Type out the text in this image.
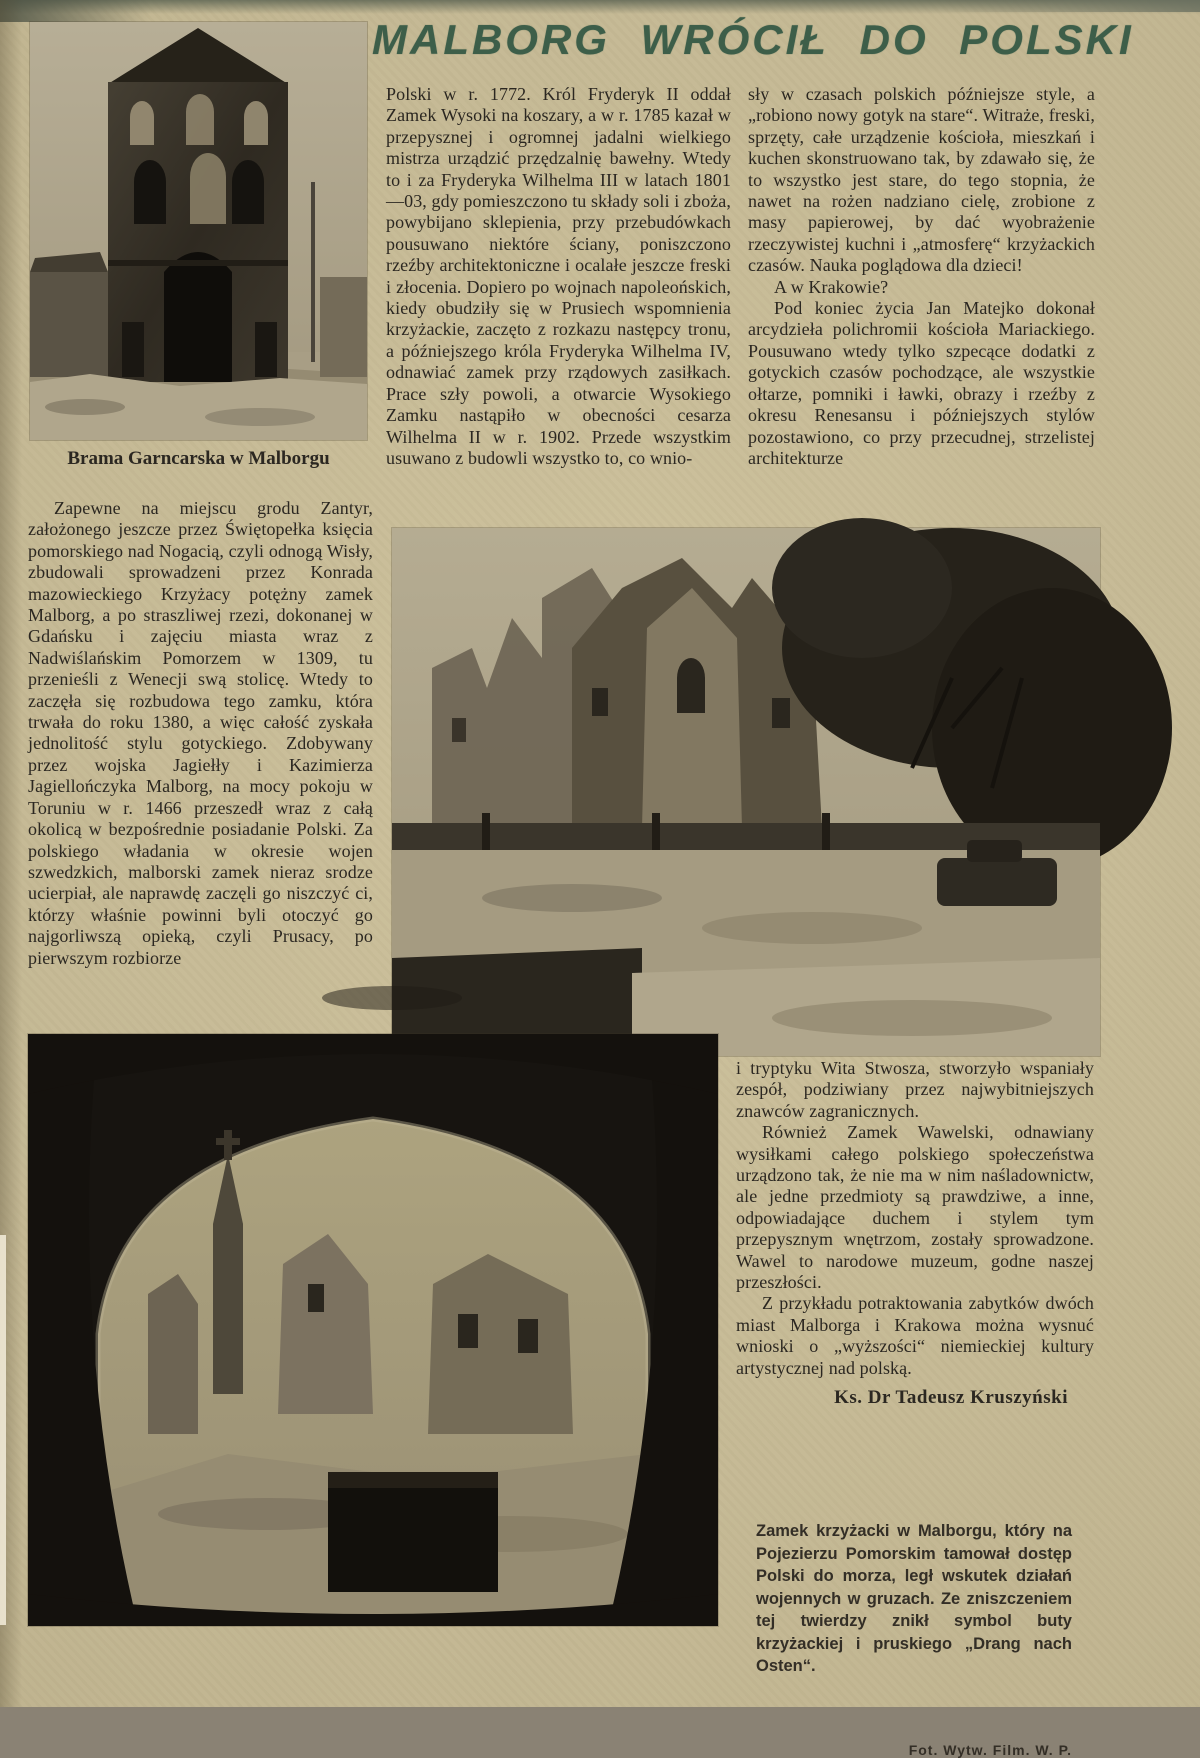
MALBORG WRÓCIŁ DO POLSKI
Brama Garncarska w Malborgu

Polski w r. 1772. Król Fryderyk II oddał Zamek Wysoki na koszary, a w r. 1785 kazał w przepysznej i ogromnej jadalni wielkiego mistrza urządzić przędzalnię bawełny. Wtedy to i za Fryderyka Wilhelma III w latach 1801—03, gdy pomieszczono tu składy soli i zboża, powybijano sklepienia, przy przebudówkach pousuwano niektóre ściany, poniszczono rzeźby architektoniczne i ocalałe jeszcze freski i złocenia. Dopiero po wojnach napoleońskich, kiedy obudziły się w Prusiech wspomnienia krzyżackie, zaczęto z rozkazu następcy tronu, a późniejszego króla Fryderyka Wilhelma IV, odnawiać zamek przy rządowych zasiłkach. Prace szły powoli, a otwarcie Wysokiego Zamku nastąpiło w obecności cesarza Wilhelma II w r. 1902. Przede wszystkim usuwano z budowli wszystko to, co wnio-

sły w czasach polskich późniejsze style, a „robiono nowy gotyk na stare“. Witraże, freski, sprzęty, całe urządzenie kościoła, mieszkań i kuchen skonstruowano tak, by zdawało się, że to wszystko jest stare, do tego stopnia, że nawet na rożen nadziano cielę, zrobione z masy papierowej, by dać wyobrażenie rzeczywistej kuchni i „atmosferę“ krzyżackich czasów. Nauka poglądowa dla dzieci!

A w Krakowie?

Pod koniec życia Jan Matejko dokonał arcydzieła polichromii kościoła Mariackiego. Pousuwano wtedy tylko szpecące dodatki z gotyckich czasów pochodzące, ale wszystkie ołtarze, pomniki i ławki, obrazy i rzeźby z okresu Renesansu i późniejszych stylów pozostawiono, co przy przecudnej, strzelistej architekturze

Zapewne na miejscu grodu Zantyr, założonego jeszcze przez Świętopełka księcia pomorskiego nad Nogacią, czyli odnogą Wisły, zbudowali sprowadzeni przez Konrada mazowieckiego Krzyżacy potężny zamek Malborg, a po straszliwej rzezi, dokonanej w Gdańsku i zajęciu miasta wraz z Nadwiślańskim Pomorzem w 1309, tu przenieśli z Wenecji swą stolicę. Wtedy to zaczęła się rozbudowa tego zamku, która trwała do roku 1380, a więc całość zyskała jednolitość stylu gotyckiego. Zdobywany przez wojska Jagiełły i Kazimierza Jagiellończyka Malborg, na mocy pokoju w Toruniu w r. 1466 przeszedł wraz z całą okolicą w bezpośrednie posiadanie Polski. Za polskiego władania w okresie wojen szwedzkich, malborski zamek nieraz srodze ucierpiał, ale naprawdę zaczęli go niszczyć ci, którzy właśnie powinni byli otoczyć go najgorliwszą opieką, czyli Prusacy, po pierwszym rozbiorze

i tryptyku Wita Stwosza, stworzyło wspaniały zespół, podziwiany przez najwybitniejszych znawców zagranicznych.

Również Zamek Wawelski, odnawiany wysiłkami całego polskiego społeczeństwa urządzono tak, że nie ma w nim naśladownictw, ale jedne przedmioty są prawdziwe, a inne, odpowiadające duchem i stylem tym przepysznym wnętrzom, zostały sprowadzone. Wawel to narodowe muzeum, godne naszej przeszłości.

Z przykładu potraktowania zabytków dwóch miast Malborga i Krakowa można wysnuć wnioski o „wyższości“ niemieckiej kultury artystycznej nad polską.

Ks. Dr Tadeusz Kruszyński
Zamek krzyżacki w Malborgu, który na Pojezierzu Pomorskim tamował dostęp Polski do morza, legł wskutek działań wojennych w gruzach. Ze zniszczeniem tej twierdzy znikł symbol buty krzyżackiej i pruskiego „Drang nach Osten“.
Fot. Wytw. Film. W. P.
